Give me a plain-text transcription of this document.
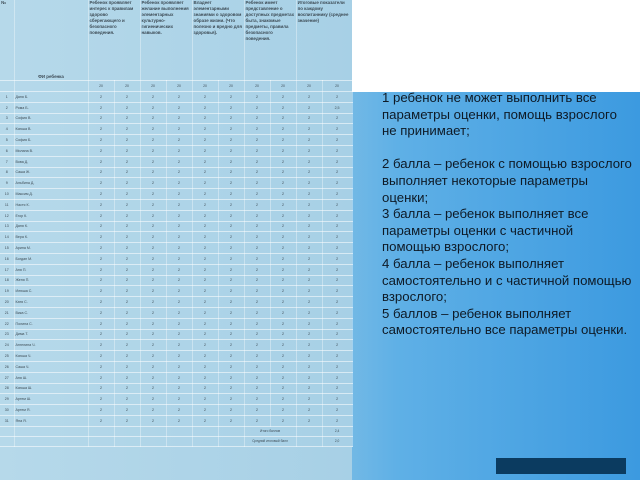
№	ФИ ребенка	Ребенок проявляет интерес к правилам здорово сберегающего и безопасного поведения.		Ребенок проявляет желание выполнения элементарных культурно-гигиенических навыков.		Владеет элементарными знаниями о здоровом образе жизни. (Что полезно и вредно для здоровья).		Ребенок имеет представление о доступных предметах быта, знакомые предметы, правила безопасного поведения.		Итоговые показатели по каждому воспитаннику (среднее значение)	
		20	20	20	20	20	20	20	20	20	20
1	Даня Б.	2	2	2	2	2	2	2	2	2	2
2	Рома Б.	2	2	2	2	2	2	2	2	2	2,5
3	София В.	2	2	2	2	2	2	2	2	2	2
4	Ксюша В.	2	2	2	2	2	2	2	2	2	2
5	София Б.	2	2	2	2	2	2	2	2	2	2
6	Милана В.	2	2	2	2	2	2	2	2	2	2
7	Вова Д.	2	2	2	2	2	2	2	2	2	2
8	Саша Ж.	2	2	2	2	2	2	2	2	2	2
9	Альбина Д.	2	2	2	2	2	2	2	2	2	2
10	Максим Д.	2	2	2	2	2	2	2	2	2	2
11	Настя К.	2	2	2	2	2	2	2	2	2	2
12	Егор К.	2	2	2	2	2	2	2	2	2	2
13	Даня К.	2	2	2	2	2	2	2	2	2	2
14	Вера К.	2	2	2	2	2	2	2	2	2	2
15	Арина М.	2	2	2	2	2	2	2	2	2	2
16	Богдан М.	2	2	2	2	2	2	2	2	2	2
17	Аня П.	2	2	2	2	2	2	2	2	2	2
18	Женя П.	2	2	2	2	2	2	2	2	2	2
19	Илюша С.	2	2	2	2	2	2	2	2	2	2
20	Катя С.	2	2	2	2	2	2	2	2	2	2
21	Вика С.	2	2	2	2	2	2	2	2	2	2
22	Полина С.	2	2	2	2	2	2	2	2	2	2
23	Дима Т.	2	2	2	2	2	2	2	2	2	2
24	Ангелина Ч.	2	2	2	2	2	2	2	2	2	2
25	Ксюша Ч.	2	2	2	2	2	2	2	2	2	2
26	Саша Ч.	2	2	2	2	2	2	2	2	2	2
27	Аня Ш.	2	2	2	2	2	2	2	2	2	2
28	Ксюша Ш.	2	2	2	2	2	2	2	2	2	2
29	Артем Ш.	2	2	2	2	2	2	2	2	2	2
30	Артем Я.	2	2	2	2	2	2	2	2	2	2
31	Яна Я.	2	2	2	2	2	2	2	2	2	2
								Итого баллов			2,4
								Средний итоговый балл			2,0

1 ребенок не может выполнить все параметры оценки, помощь взрослого не принимает;

2 балла – ребенок с помощью взрослого выполняет некоторые параметры оценки;

3 балла – ребенок выполняет все параметры оценки с частичной помощью взрослого;

4 балла – ребенок выполняет самостоятельно и с частичной помощью взрослого;

5 баллов – ребенок выполняет самостоятельно все параметры оценки.
